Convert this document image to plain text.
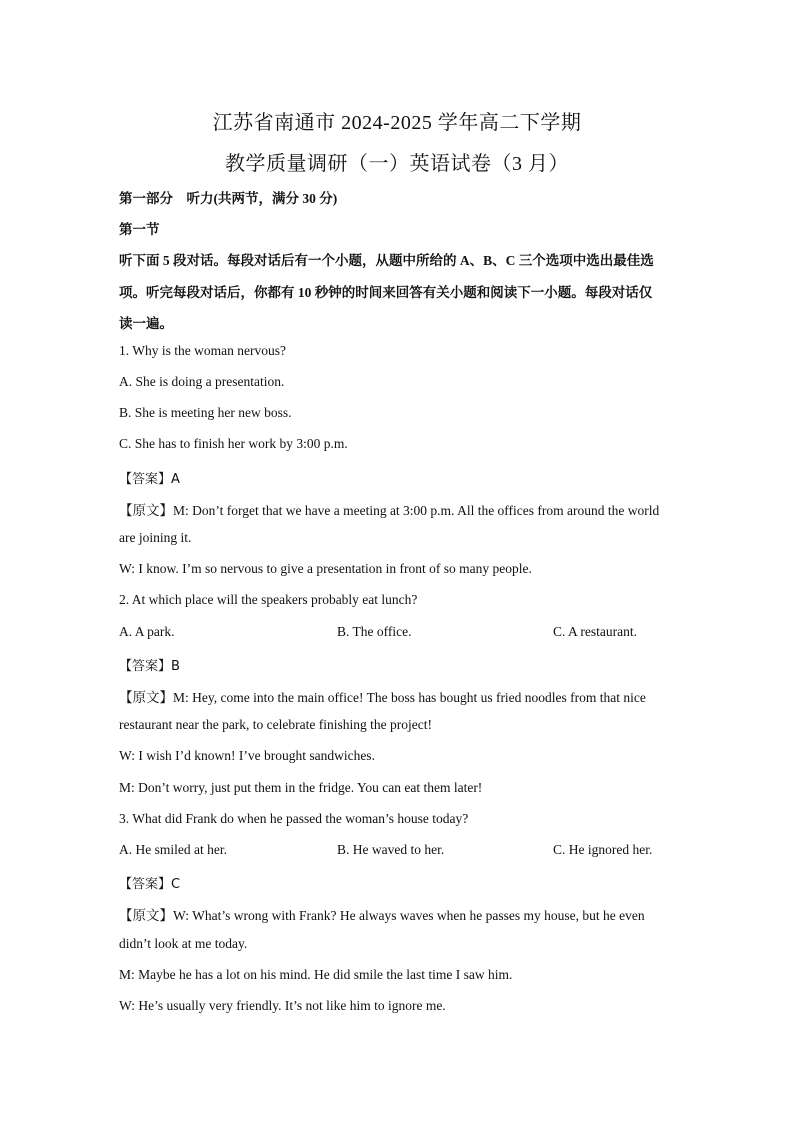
江苏省南通市 2024-2025 学年高二下学期
教学质量调研（一）英语试卷（3 月）
第一部分　听力(共两节，满分 30 分)
第一节
听下面 5 段对话。每段对话后有一个小题，从题中所给的 A、B、C 三个选项中选出最佳选
项。听完每段对话后，你都有 10 秒钟的时间来回答有关小题和阅读下一小题。每段对话仅
读一遍。
1. Why is the woman nervous?
A. She is doing a presentation.
B. She is meeting her new boss.
C. She has to finish her work by 3:00 p.m.
【答案】A
【原文】M: Don’t forget that we have a meeting at 3:00 p.m. All the offices from around the world
are joining it.
W: I know. I’m so nervous to give a presentation in front of so many people.
2. At which place will the speakers probably eat lunch?
A. A park.	B. The office.	C. A restaurant.
【答案】B
【原文】M: Hey, come into the main office! The boss has bought us fried noodles from that nice
restaurant near the park, to celebrate finishing the project!
W: I wish I’d known! I’ve brought sandwiches.
M: Don’t worry, just put them in the fridge. You can eat them later!
3. What did Frank do when he passed the woman’s house today?
A. He smiled at her.	B. He waved to her.	C. He ignored her.
【答案】C
【原文】W: What’s wrong with Frank? He always waves when he passes my house, but he even
didn’t look at me today.
M: Maybe he has a lot on his mind. He did smile the last time I saw him.
W: He’s usually very friendly. It’s not like him to ignore me.
